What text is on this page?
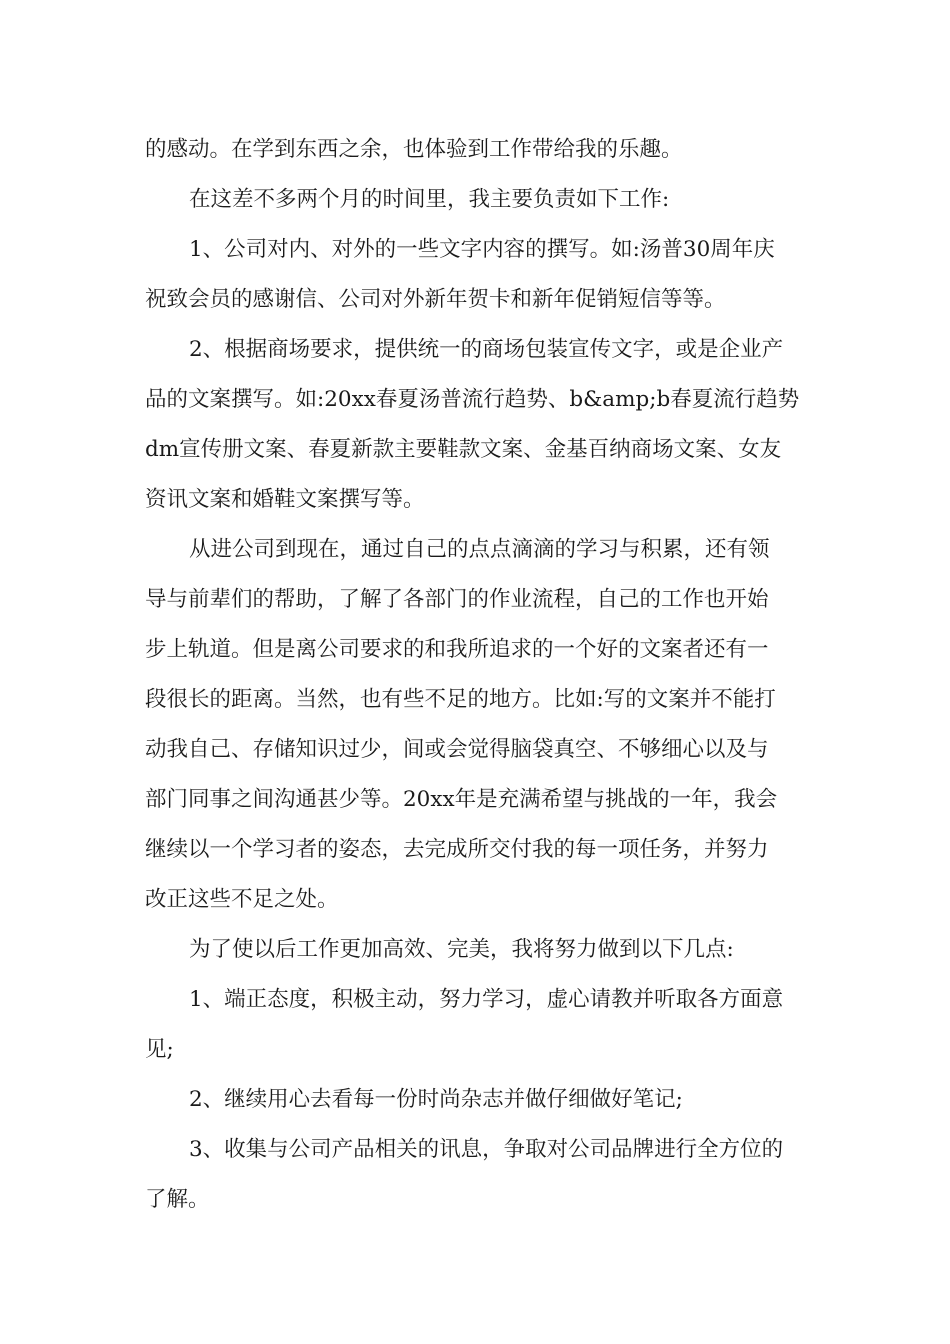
的感动。在学到东西之余，也体验到工作带给我的乐趣。
在这差不多两个月的时间里，我主要负责如下工作:
1、公司对内、对外的一些文字内容的撰写。如:汤普30周年庆
祝致会员的感谢信、公司对外新年贺卡和新年促销短信等等。
2、根据商场要求，提供统一的商场包装宣传文字，或是企业产
品的文案撰写。如:20xx春夏汤普流行趋势、b&amp;b春夏流行趋势
dm宣传册文案、春夏新款主要鞋款文案、金基百纳商场文案、女友
资讯文案和婚鞋文案撰写等。
从进公司到现在，通过自己的点点滴滴的学习与积累，还有领
导与前辈们的帮助，了解了各部门的作业流程，自己的工作也开始
步上轨道。但是离公司要求的和我所追求的一个好的文案者还有一
段很长的距离。当然，也有些不足的地方。比如:写的文案并不能打
动我自己、存储知识过少，间或会觉得脑袋真空、不够细心以及与
部门同事之间沟通甚少等。20xx年是充满希望与挑战的一年，我会
继续以一个学习者的姿态，去完成所交付我的每一项任务，并努力
改正这些不足之处。
为了使以后工作更加高效、完美，我将努力做到以下几点:
1、端正态度，积极主动，努力学习，虚心请教并听取各方面意
见;
2、继续用心去看每一份时尚杂志并做仔细做好笔记;
3、收集与公司产品相关的讯息，争取对公司品牌进行全方位的
了解。
